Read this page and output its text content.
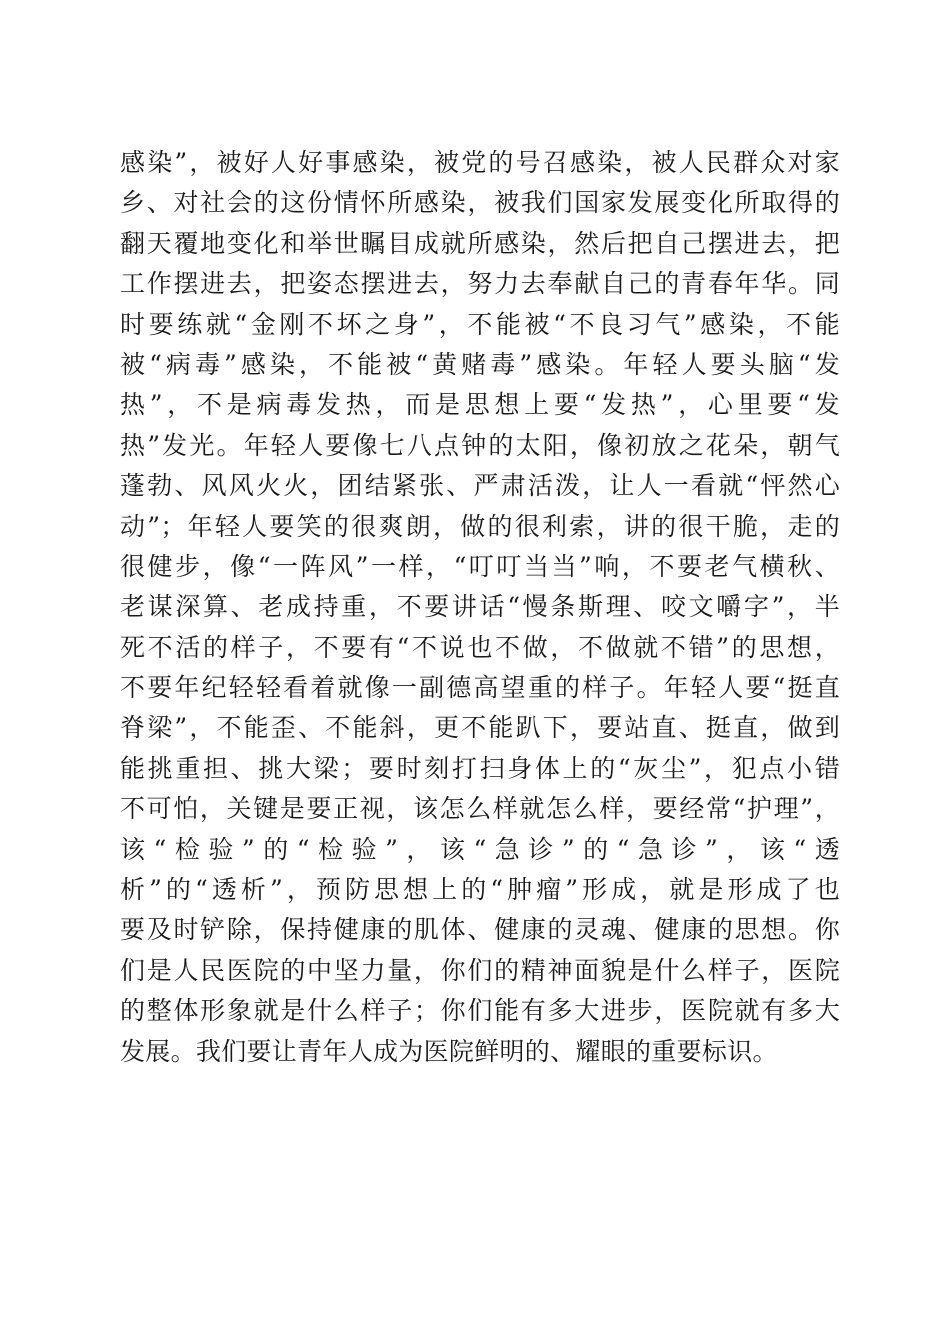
感染”，被好人好事感染，被党的号召感染，被人民群众对家
乡、对社会的这份情怀所感染，被我们国家发展变化所取得的
翻天覆地变化和举世瞩目成就所感染，然后把自己摆进去，把
工作摆进去，把姿态摆进去，努力去奉献自己的青春年华。同
时要练就“金刚不坏之身”，不能被“不良习气”感染，不能
被“病毒”感染，不能被“黄赌毒”感染。年轻人要头脑“发
热”，不是病毒发热，而是思想上要“发热”，心里要“发
热”发光。年轻人要像七八点钟的太阳，像初放之花朵，朝气
蓬勃、风风火火，团结紧张、严肃活泼，让人一看就“怦然心
动”；年轻人要笑的很爽朗，做的很利索，讲的很干脆，走的
很健步，像“一阵风”一样，“叮叮当当”响，不要老气横秋、
老谋深算、老成持重，不要讲话“慢条斯理、咬文嚼字”，半
死不活的样子，不要有“不说也不做，不做就不错”的思想，
不要年纪轻轻看着就像一副德高望重的样子。年轻人要“挺直
脊梁”，不能歪、不能斜，更不能趴下，要站直、挺直，做到
能挑重担、挑大梁；要时刻打扫身体上的“灰尘”，犯点小错
不可怕，关键是要正视，该怎么样就怎么样，要经常“护理”，
该“检验”的“检验”，该“急诊”的“急诊”，该“透
析”的“透析”，预防思想上的“肿瘤”形成，就是形成了也
要及时铲除，保持健康的肌体、健康的灵魂、健康的思想。你
们是人民医院的中坚力量，你们的精神面貌是什么样子，医院
的整体形象就是什么样子；你们能有多大进步，医院就有多大
发展。我们要让青年人成为医院鲜明的、耀眼的重要标识。
